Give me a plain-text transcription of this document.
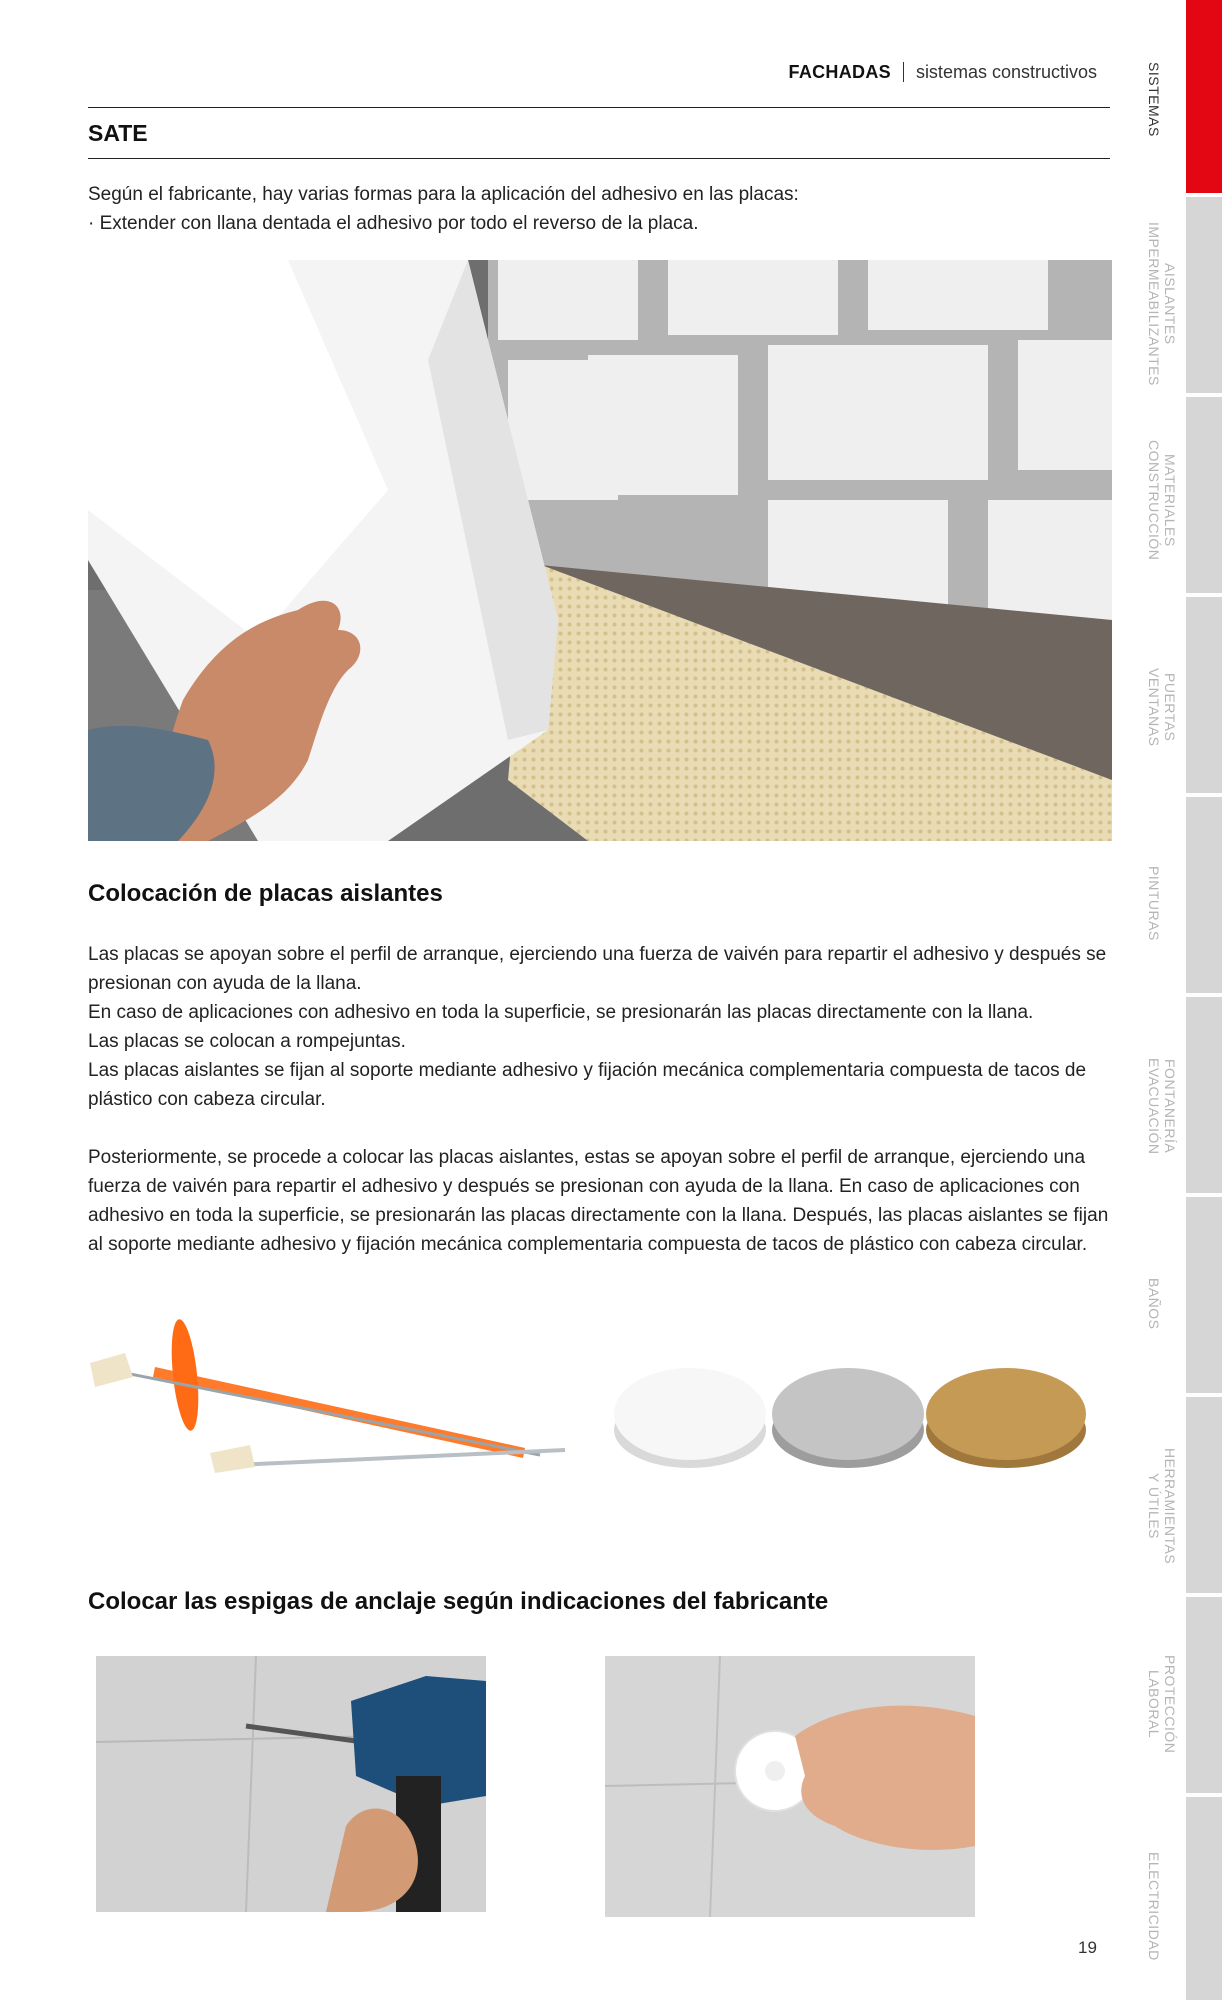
FACHADAS sistemas constructivos
SATE

Según el fabricante, hay varias formas para la aplicación del adhesivo en las placas:

· Extender con llana dentada el adhesivo por todo el reverso de la placa.

Colocación de placas aislantes

Las placas se apoyan sobre el perfil de arranque, ejerciendo una fuerza de vaivén para repartir el adhesivo y después se presionan con ayuda de la llana.

En caso de aplicaciones con adhesivo en toda la superficie, se presionarán las placas directamente con la llana.

Las placas se colocan a rompejuntas.

Las placas aislantes se fijan al soporte mediante adhesivo y fijación mecánica complementaria compuesta de tacos de plástico con cabeza circular.

Posteriormente, se procede a colocar las placas aislantes, estas se apoyan sobre el perfil de arranque, ejerciendo una fuerza de vaivén para repartir el adhesivo y después se presionan con ayuda de la llana. En caso de aplicaciones con adhesivo en toda la superficie, se presionarán las placas directamente con la llana. Después, las placas aislantes se fijan al soporte mediante adhesivo y fijación mecánica complementaria compuesta de tacos de plástico con cabeza circular.

Colocar las espigas de anclaje según indicaciones del fabricante
19
SISTEMAS
AISLANTES
IMPERMEABILIZANTES
MATERIALES
CONSTRUCCIÓN
PUERTAS
VENTANAS
PINTURAS
FONTANERÍA
EVACUACIÓN
BAÑOS
HERRAMIENTAS
Y ÚTILES
PROTECCIÓN
LABORAL
ELECTRICIDAD
